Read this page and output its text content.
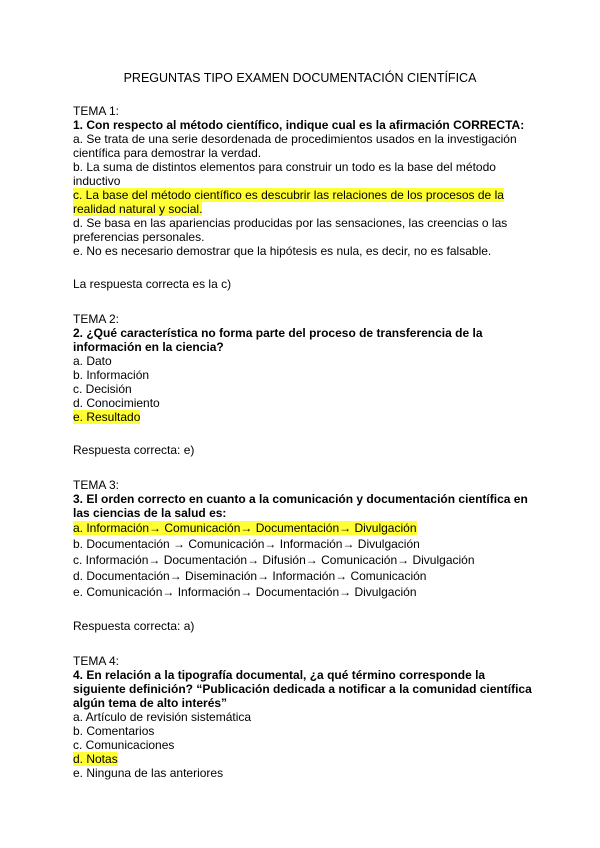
PREGUNTAS TIPO EXAMEN DOCUMENTACIÓN CIENTÍFICA
TEMA 1:
1. Con respecto al método científico, indique cual es la afirmación CORRECTA:
a. Se trata de una serie desordenada de procedimientos usados en la investigación científica para demostrar la verdad.
b. La suma de distintos elementos para construir un todo es la base del método inductivo
c. La base del método científico es descubrir las relaciones de los procesos de la realidad natural y social.
d. Se basa en las apariencias producidas por las sensaciones, las creencias o las preferencias personales.
e. No es necesario demostrar que la hipótesis es nula, es decir, no es falsable.
La respuesta correcta es la c)
TEMA 2:
2. ¿Qué característica no forma parte del proceso de transferencia de la información en la ciencia?
a. Dato
b. Información
c. Decisión
d. Conocimiento
e. Resultado
Respuesta correcta: e)
TEMA 3:
3. El orden correcto en cuanto a la comunicación y documentación científica en las ciencias de la salud es:
a. Información→ Comunicación→ Documentación→ Divulgación
b. Documentación → Comunicación→ Información→ Divulgación
c. Información→ Documentación→ Difusión→ Comunicación→ Divulgación
d. Documentación→ Diseminación→ Información→ Comunicación
e. Comunicación→ Información→ Documentación→ Divulgación
Respuesta correcta: a)
TEMA 4:
4. En relación a la tipografía documental, ¿a qué término corresponde la siguiente definición? “Publicación dedicada a notificar a la comunidad científica algún tema de alto interés”
a. Artículo de revisión sistemática
b. Comentarios
c. Comunicaciones
d. Notas
e. Ninguna de las anteriores
